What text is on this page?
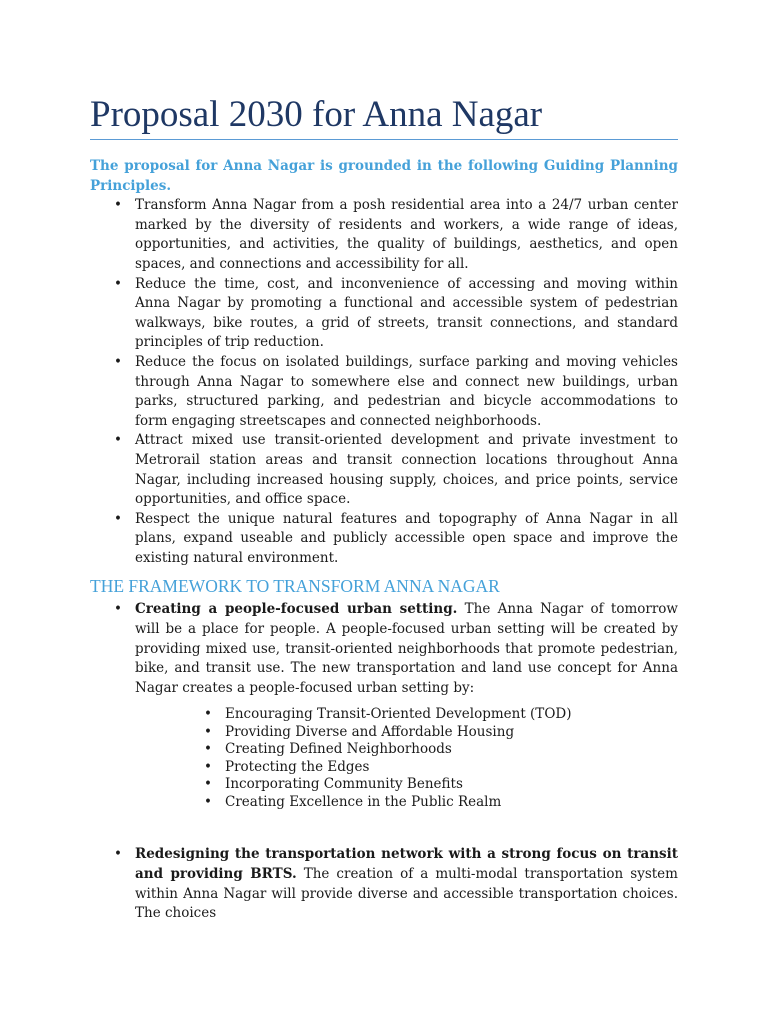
Proposal 2030 for Anna Nagar

The proposal for Anna Nagar is grounded in the following Guiding Planning Principles.

• Transform Anna Nagar from a posh residential area into a 24/7 urban center marked by the diversity of residents and workers, a wide range of ideas, opportunities, and activities, the quality of buildings, aesthetics, and open spaces, and connections and accessibility for all.
• Reduce the time, cost, and inconvenience of accessing and moving within Anna Nagar by promoting a functional and accessible system of pedestrian walkways, bike routes, a grid of streets, transit connections, and standard principles of trip reduction.
• Reduce the focus on isolated buildings, surface parking and moving vehicles through Anna Nagar to somewhere else and connect new buildings, urban parks, structured parking, and pedestrian and bicycle accommodations to form engaging streetscapes and connected neighborhoods.
• Attract mixed use transit-oriented development and private investment to Metrorail station areas and transit connection locations throughout Anna Nagar, including increased housing supply, choices, and price points, service opportunities, and office space.
• Respect the unique natural features and topography of Anna Nagar in all plans, expand useable and publicly accessible open space and improve the existing natural environment.
THE FRAMEWORK TO TRANSFORM ANNA NAGAR
• Creating a people-focused urban setting. The Anna Nagar of tomorrow will be a place for people. A people-focused urban setting will be created by providing mixed use, transit-oriented neighborhoods that promote pedestrian, bike, and transit use. The new transportation and land use concept for Anna Nagar creates a people-focused urban setting by:
• Encouraging Transit-Oriented Development (TOD)
• Providing Diverse and Affordable Housing
• Creating Defined Neighborhoods
• Protecting the Edges
• Incorporating Community Benefits
• Creating Excellence in the Public Realm
• Redesigning the transportation network with a strong focus on transit and providing BRTS. The creation of a multi-modal transportation system within Anna Nagar will provide diverse and accessible transportation choices. The choices
